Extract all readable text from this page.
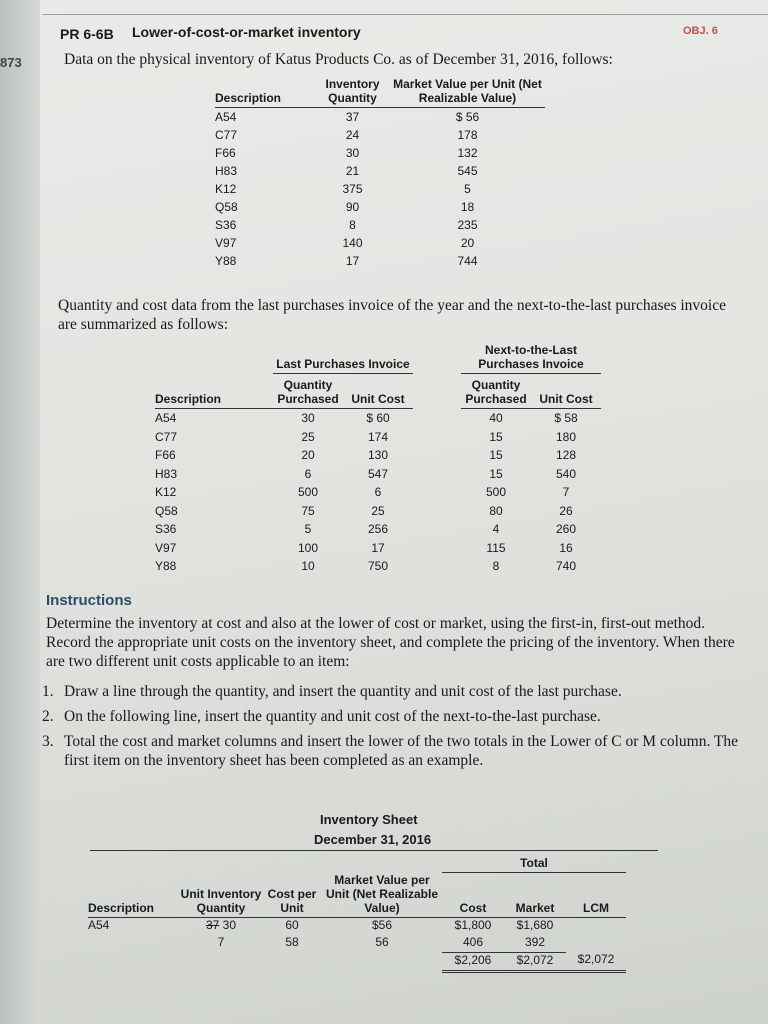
873
PR 6-6B Lower-of-cost-or-market inventory	OBJ. 6
Data on the physical inventory of Katus Products Co. as of December 31, 2016, follows:
Description	Inventory Quantity	Market Value per Unit (Net Realizable Value)
A54	37	$ 56
C77	24	178
F66	30	132
H83	21	545
K12	375	5
Q58	90	18
S36	8	235
V97	140	20
Y88	17	744
Quantity and cost data from the last purchases invoice of the year and the next-to-the-last purchases invoice are summarized as follows:
	Last Purchases Invoice			Next-to-the-Last Purchases Invoice	
Description	Quantity Purchased	Unit Cost		Quantity Purchased	Unit Cost
A54	30	$ 60		40	$ 58
C77	25	174		15	180
F66	20	130		15	128
H83	6	547		15	540
K12	500	6		500	7
Q58	75	25		80	26
S36	5	256		4	260
V97	100	17		115	16
Y88	10	750		8	740
Instructions
Determine the inventory at cost and also at the lower of cost or market, using the first-in, first-out method. Record the appropriate unit costs on the inventory sheet, and complete the pricing of the inventory. When there are two different unit costs applicable to an item:
1. Draw a line through the quantity, and insert the quantity and unit cost of the last purchase.
2. On the following line, insert the quantity and unit cost of the next-to-the-last purchase.
3. Total the cost and market columns and insert the lower of the two totals in the Lower of C or M column. The first item on the inventory sheet has been completed as an example.
Inventory Sheet
December 31, 2016
				Total		
Description	Unit Inventory Quantity	Cost per Unit	Market Value per Unit (Net Realizable Value)	Cost	Market	LCM
A54	37 30	60	$56	$1,800	$1,680	
	7	58	56	406	392	
				$2,206	$2,072	$2,072
